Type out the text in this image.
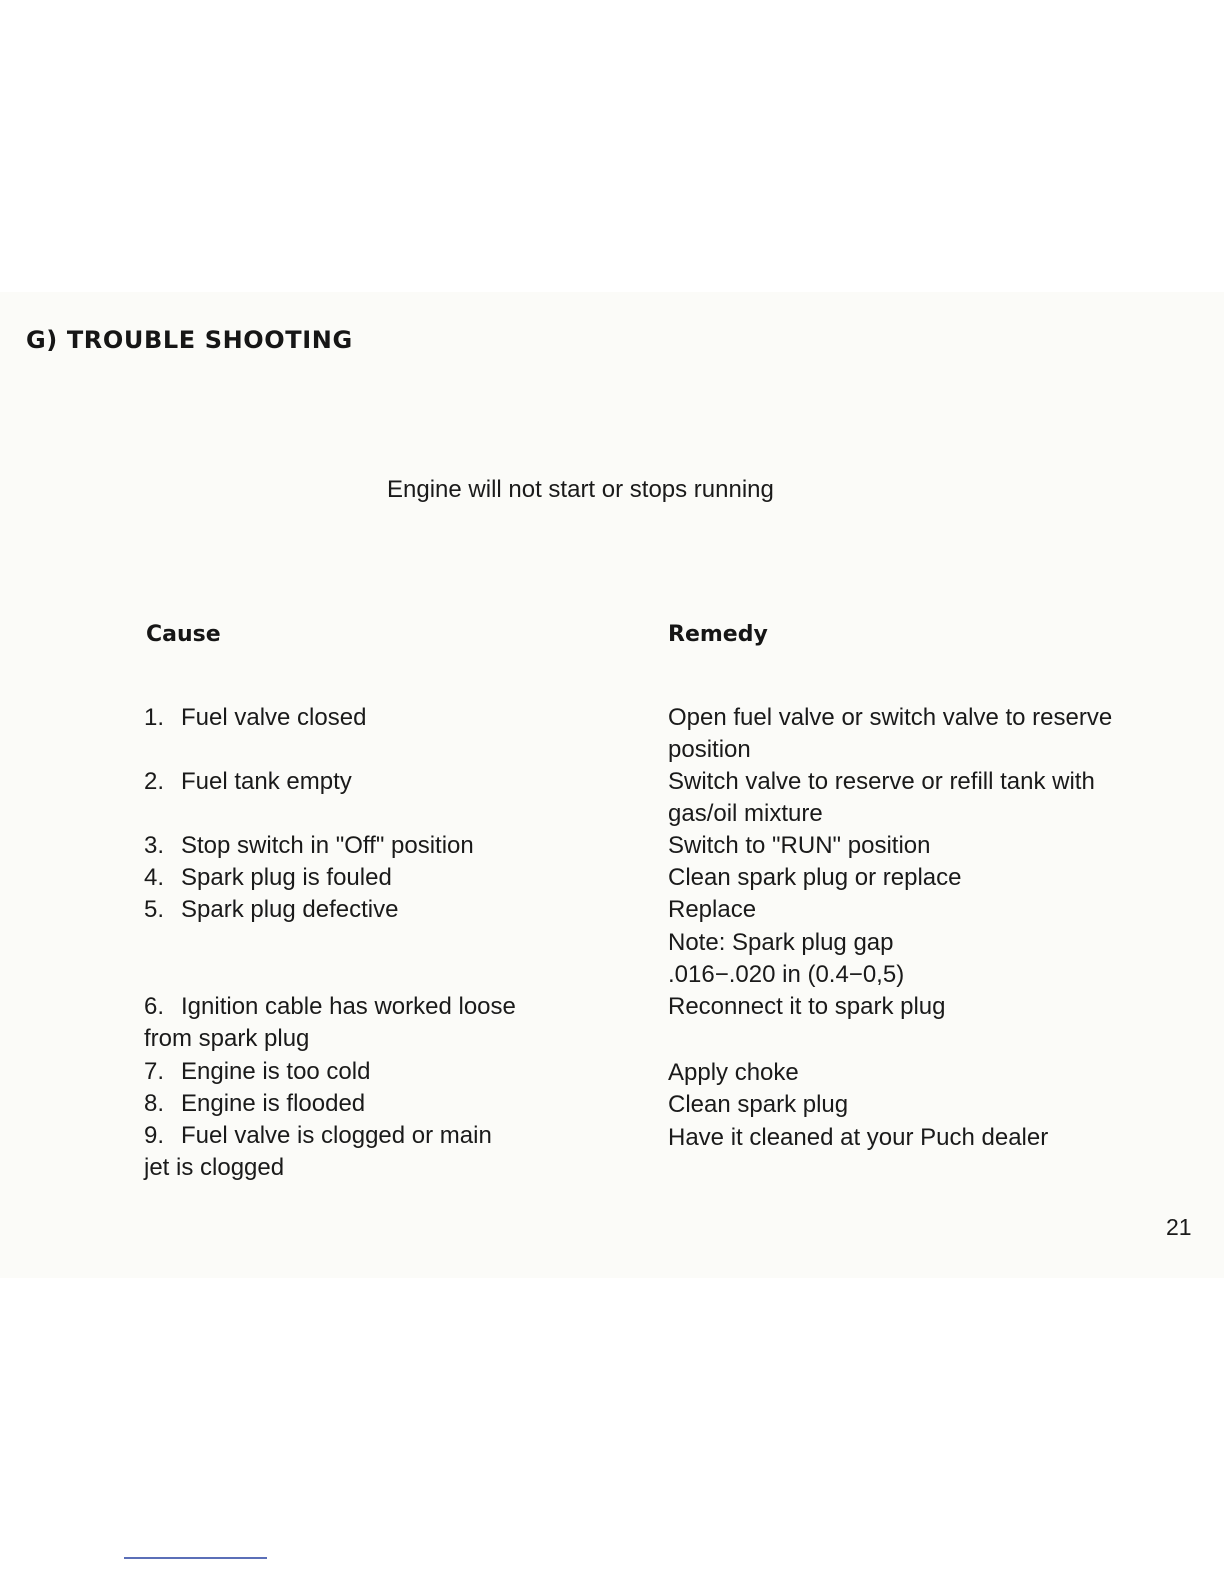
G) TROUBLE SHOOTING

Engine will not start or stops running

Cause	Remedy
1. Fuel valve closed
2. Fuel tank empty
3. Stop switch in "Off" position
4. Spark plug is fouled
5. Spark plug defective
6. Ignition cable has worked loose
from spark plug
7. Engine is too cold
8. Engine is flooded
9. Fuel valve is clogged or main
jet is clogged
Open fuel valve or switch valve to reserve
position
Switch valve to reserve or refill tank with
gas/oil mixture
Switch to "RUN" position
Clean spark plug or replace
Replace
Note: Spark plug gap
.016−.020 in (0.4−0,5)
Reconnect it to spark plug
Apply choke
Clean spark plug
Have it cleaned at your Puch dealer
21
